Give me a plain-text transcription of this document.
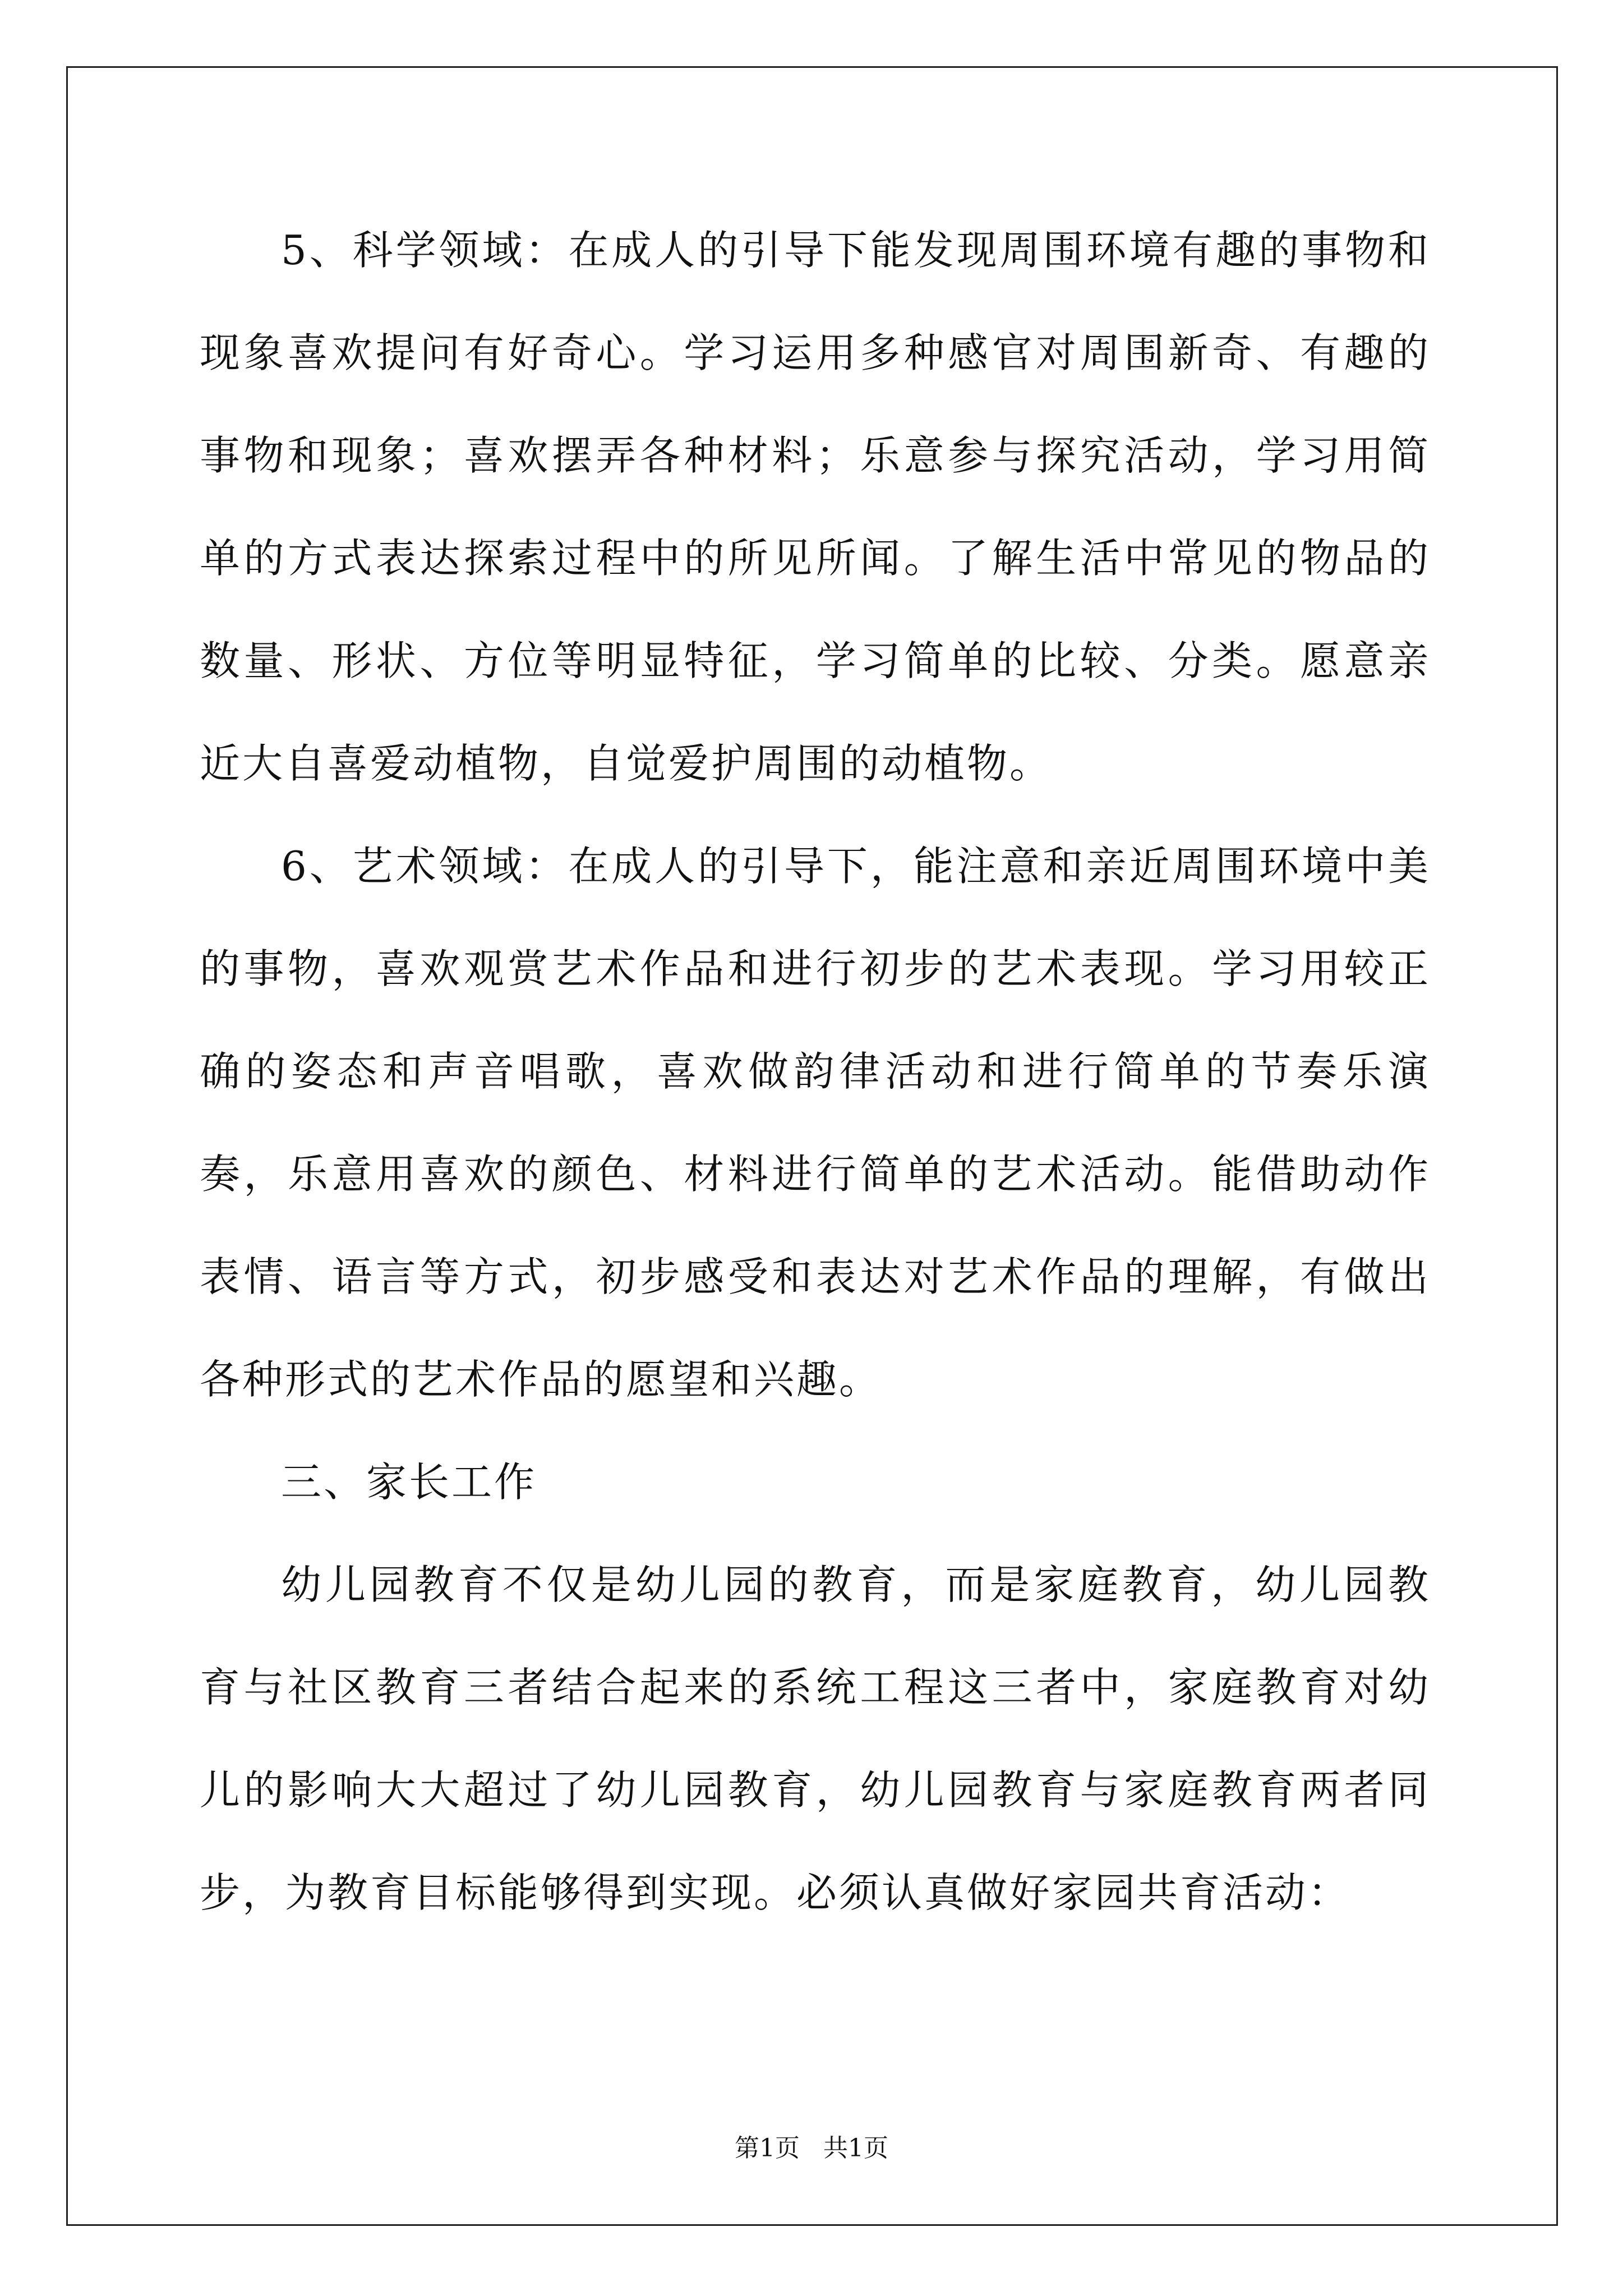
5、科学领域：在成人的引导下能发现周围环境有趣的事物和现象喜欢提问有好奇心。学习运用多种感官对周围新奇、有趣的事物和现象；喜欢摆弄各种材料；乐意参与探究活动，学习用简单的方式表达探索过程中的所见所闻。了解生活中常见的物品的数量、形状、方位等明显特征，学习简单的比较、分类。愿意亲近大自喜爱动植物，自觉爱护周围的动植物。

6、艺术领域：在成人的引导下，能注意和亲近周围环境中美的事物，喜欢观赏艺术作品和进行初步的艺术表现。学习用较正确的姿态和声音唱歌，喜欢做韵律活动和进行简单的节奏乐演奏，乐意用喜欢的颜色、材料进行简单的艺术活动。能借助动作表情、语言等方式，初步感受和表达对艺术作品的理解，有做出各种形式的艺术作品的愿望和兴趣。

三、家长工作

幼儿园教育不仅是幼儿园的教育，而是家庭教育，幼儿园教育与社区教育三者结合起来的系统工程这三者中，家庭教育对幼儿的影响大大超过了幼儿园教育，幼儿园教育与家庭教育两者同步，为教育目标能够得到实现。必须认真做好家园共育活动：

第1页   共1页
